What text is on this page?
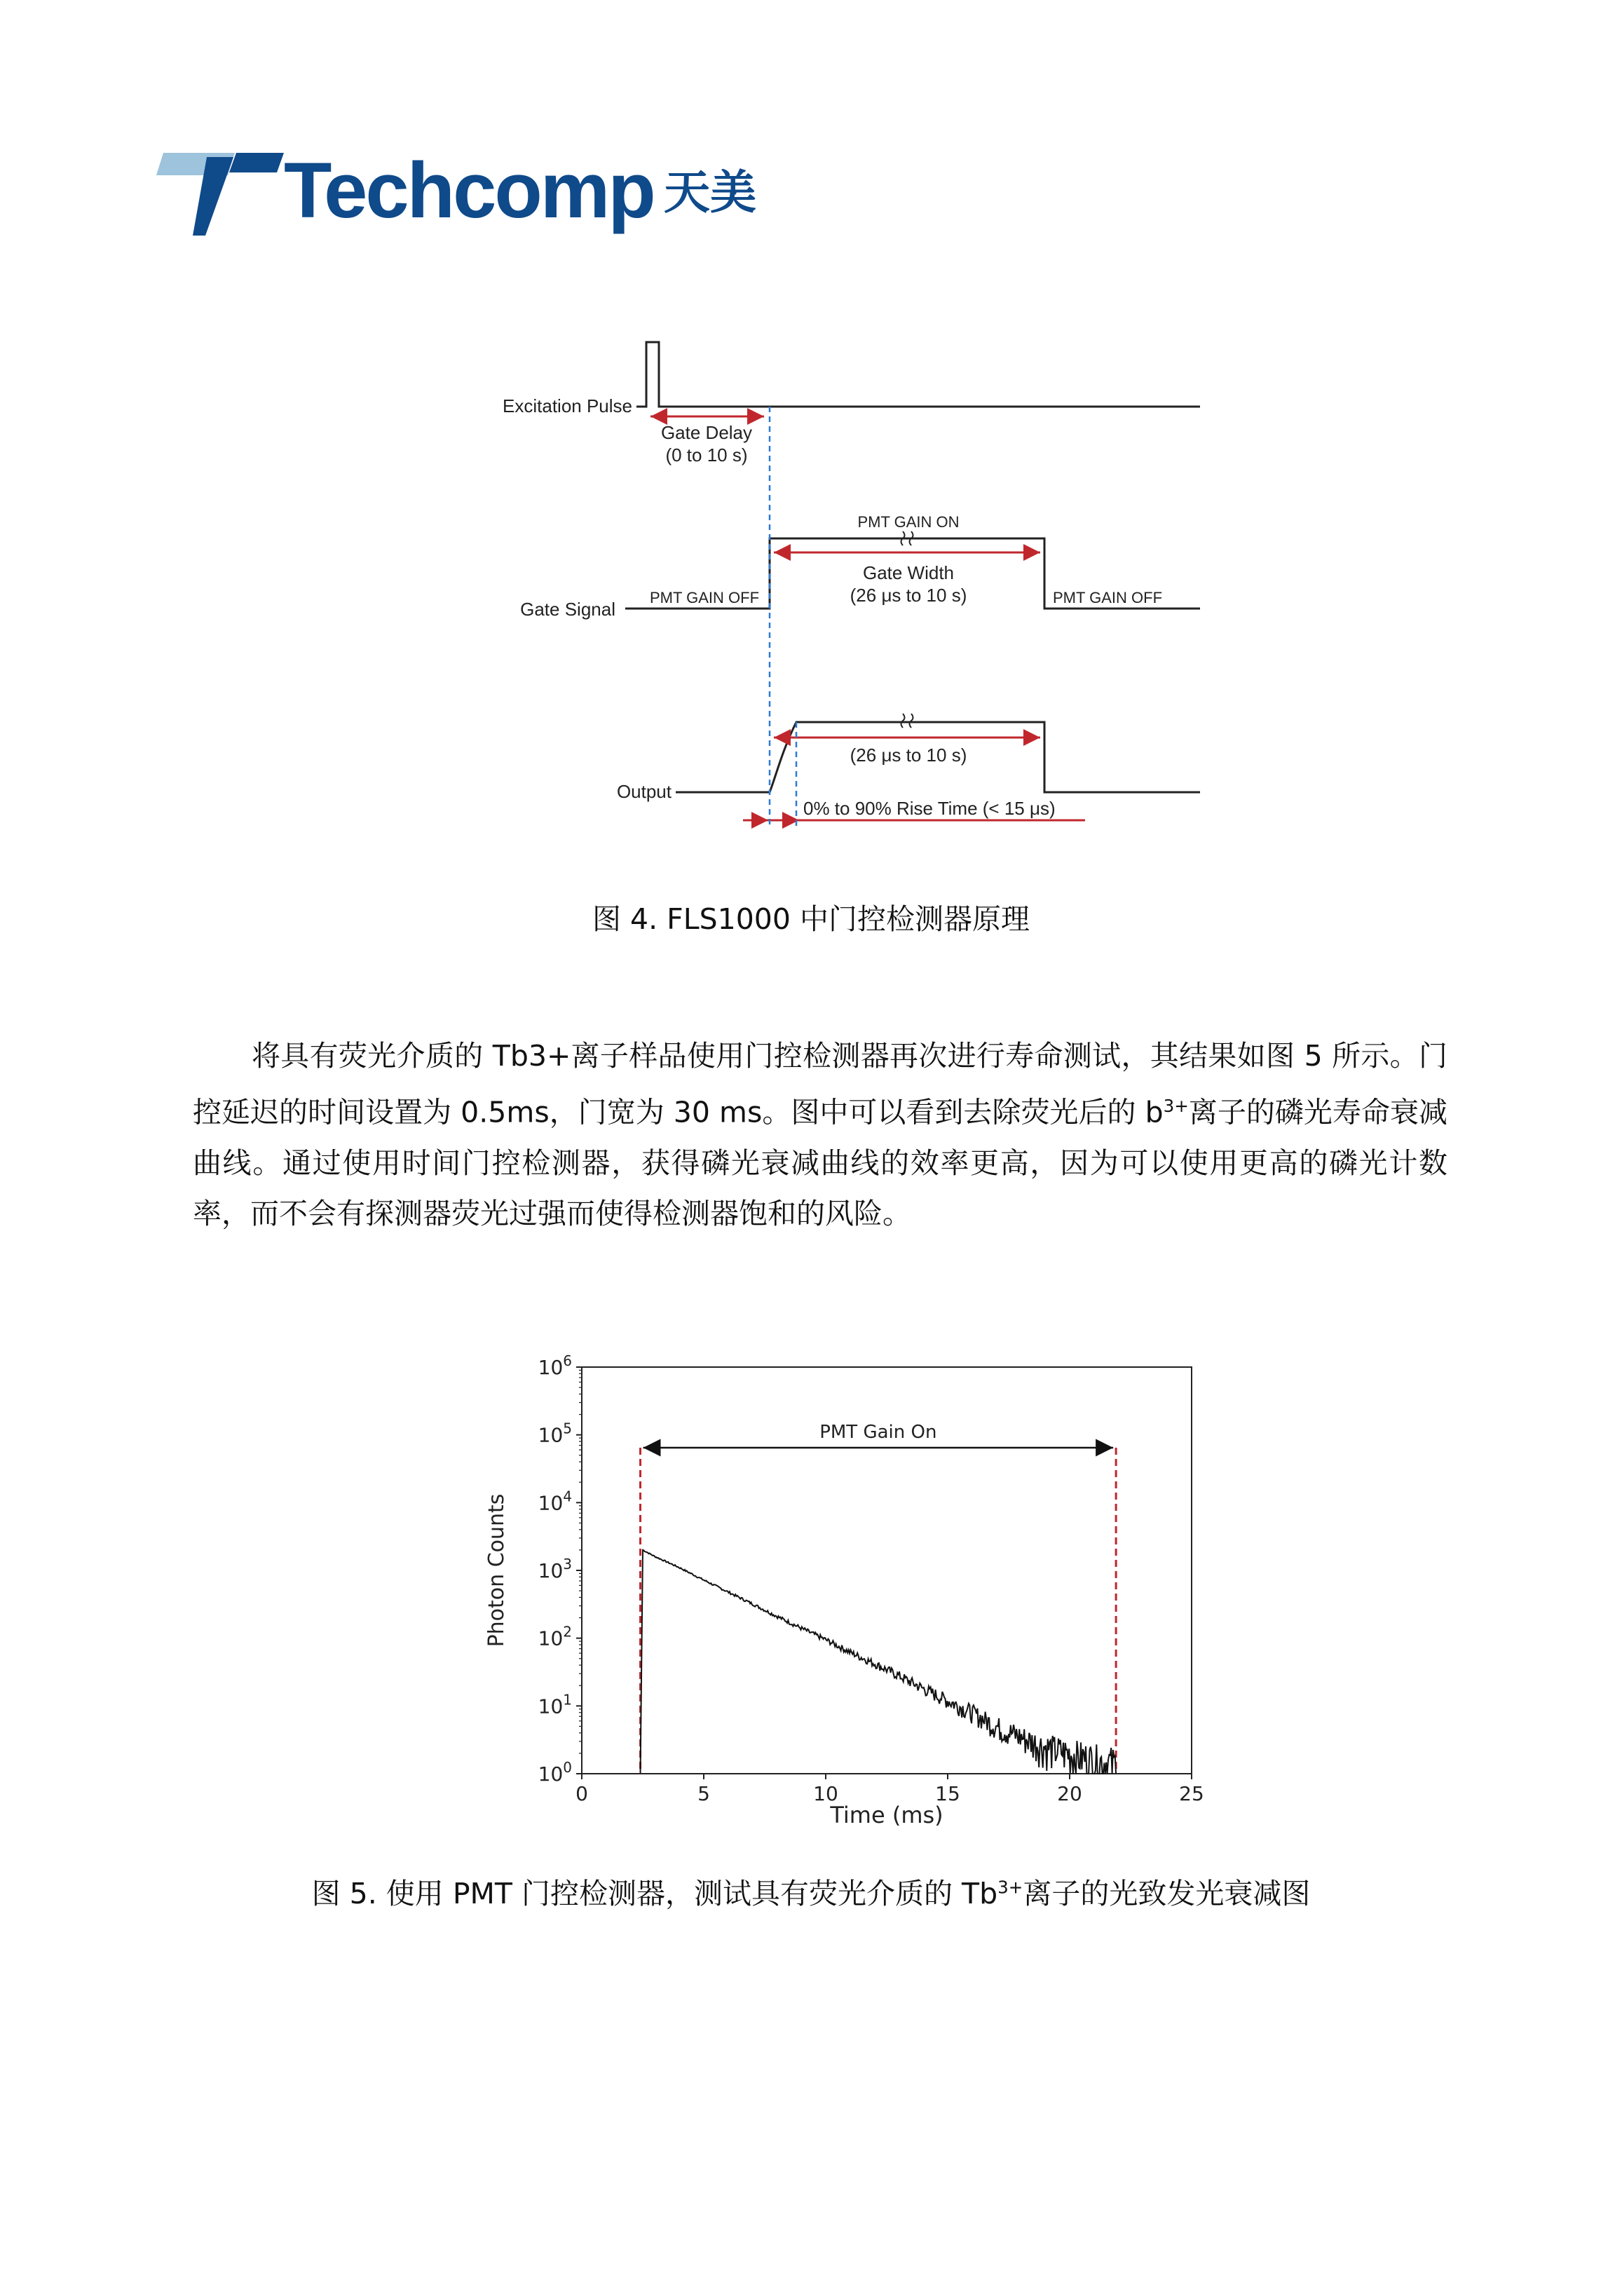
Techcomp 天美
Excitation Pulse
Gate Delay
(0 to 10 s)
Gate Signal
PMT GAIN OFF
PMT GAIN ON
PMT GAIN OFF
Gate Width
(26 μs to 10 s)
Output
(26 μs to 10 s)
0% to 90% Rise Time (< 15 μs)
图 4. FLS1000 中门控检测器原理

将具有荧光介质的 Tb3+离子样品使用门控检测器再次进行寿命测试，其结果如图 5 所示。门控延迟的时间设置为 0.5ms，门宽为 30 ms。图中可以看到去除荧光后的 $b^{3+}$离子的磷光寿命衰减曲线。通过使用时间门控检测器，获得磷光衰减曲线的效率更高，因为可以使用更高的磷光计数率，而不会有探测器荧光过强而使得检测器饱和的风险。

0	5	10	15	20	25
$10^0$
$10^1$
$10^2$
$10^3$
$10^4$
$10^5$
$10^6$
Photon Counts
Time (ms)
PMT Gain On
图 5. 使用 PMT 门控检测器，测试具有荧光介质的 $Tb^{3+}$离子的光致发光衰减图
